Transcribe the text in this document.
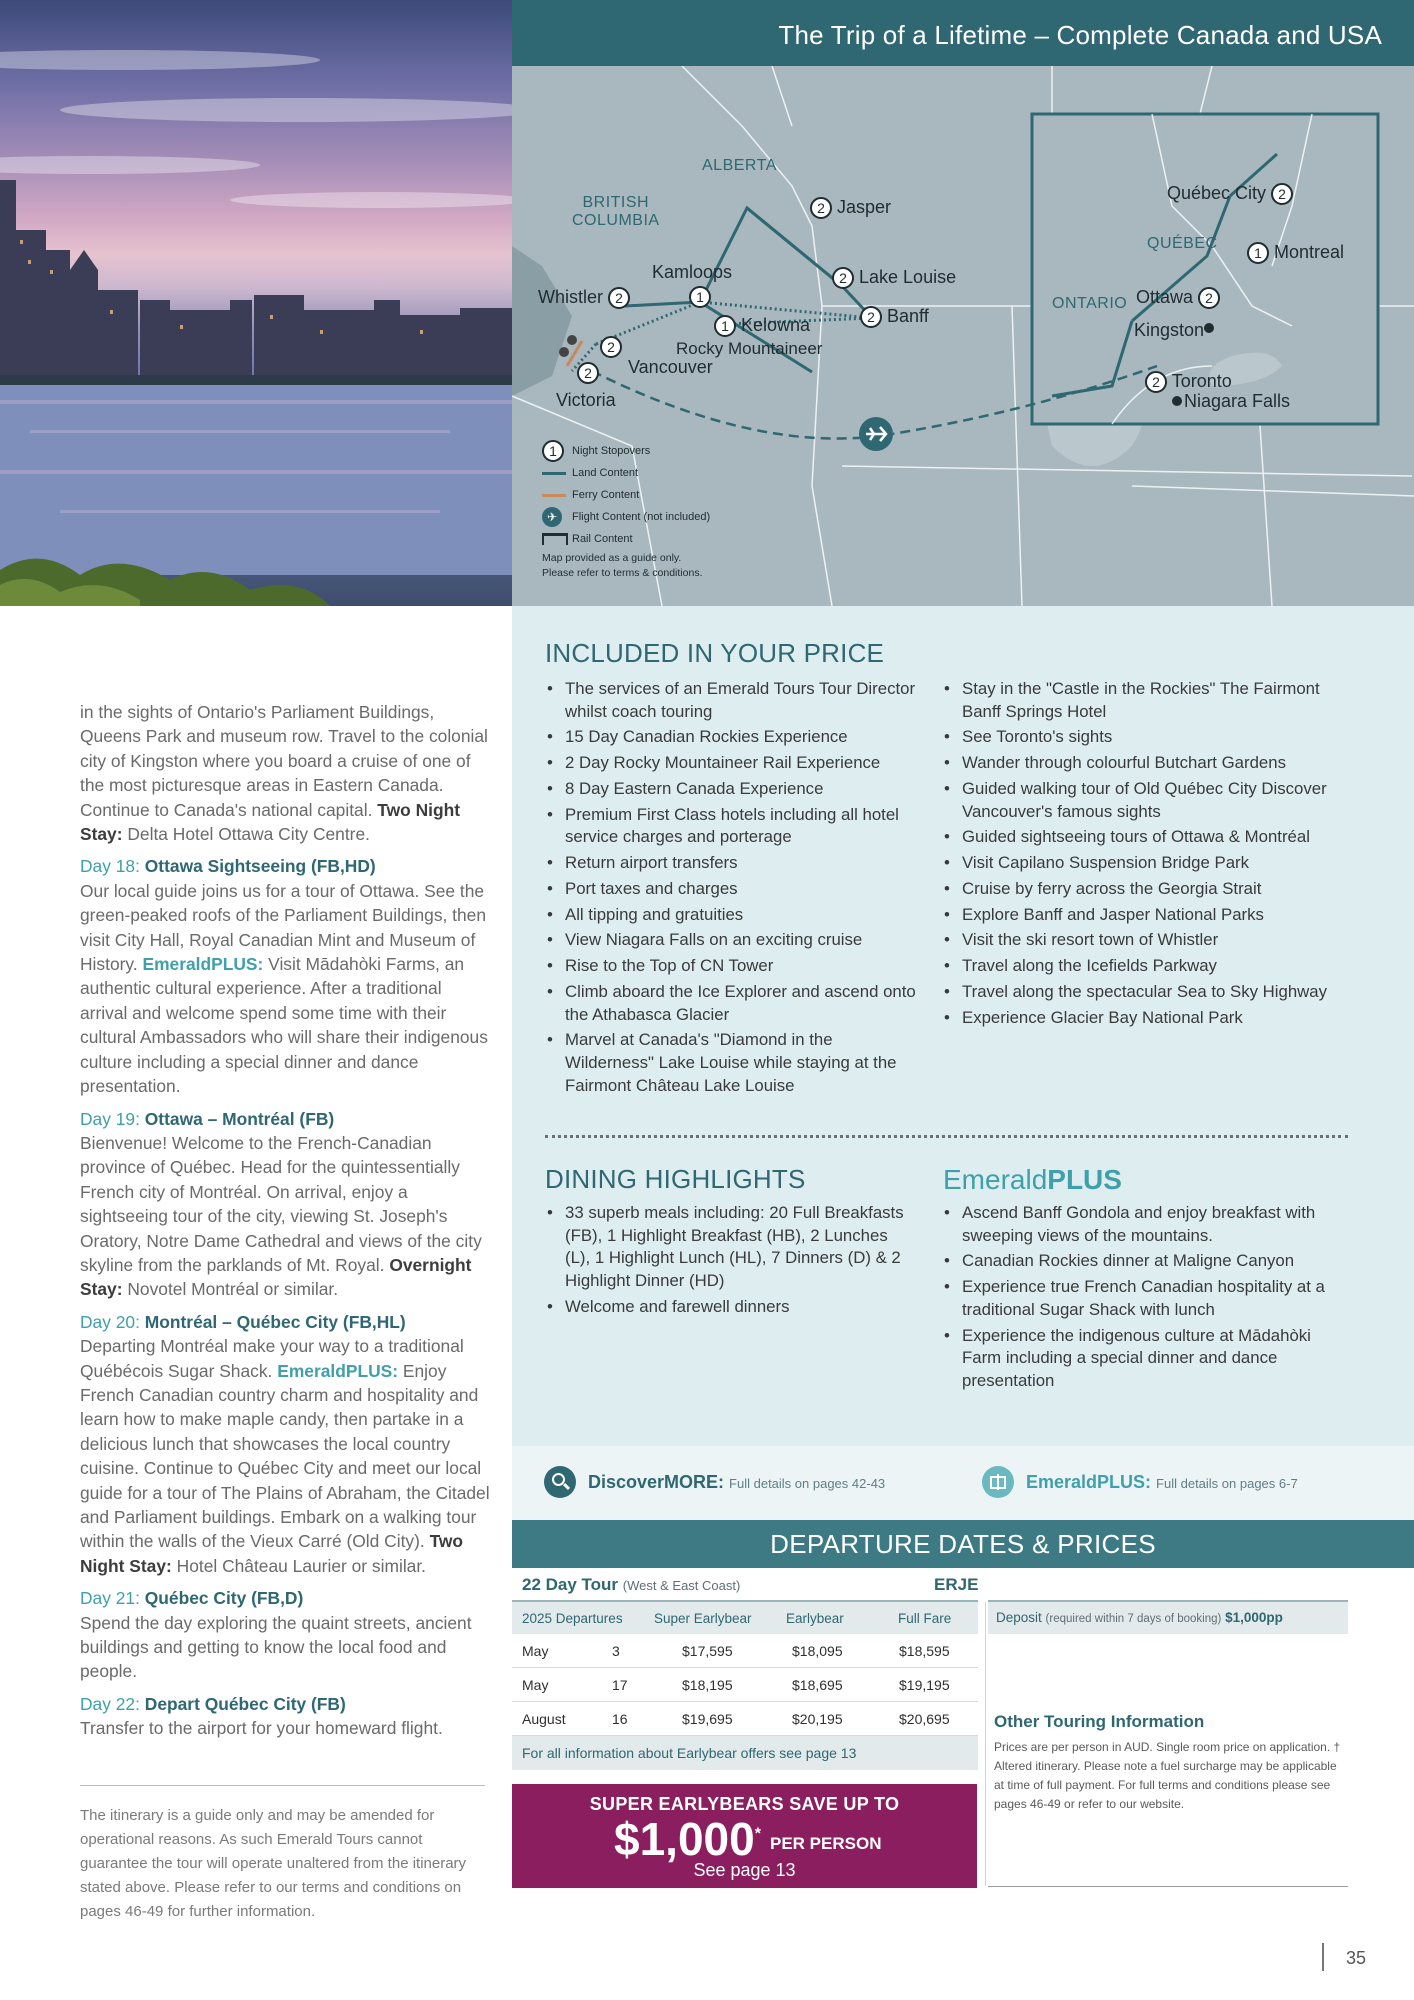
The Trip of a Lifetime – Complete Canada and USA
ALBERTA
BRITISH
COLUMBIA
QUÉBEC
ONTARIO
2 Jasper
2 Lake Louise
2 Banff
Kamloops
1
1 Kelowna
Whistler 2
2
Vancouver
2
Victoria
Rocky Mountaineer
Québec City 2
1 Montreal
Ottawa 2
Kingston
2 Toronto
Niagara Falls
1	Night Stopovers
Land Content
Ferry Content
✈	Flight Content (not included)
Rail Content
Map provided as a guide only.
Please refer to terms & conditions.

in the sights of Ontario's Parliament Buildings, Queens Park and museum row. Travel to the colonial city of Kingston where you board a cruise of one of the most picturesque areas in Eastern Canada. Continue to Canada's national capital. Two Night Stay: Delta Hotel Ottawa City Centre.

Day 18: Ottawa Sightseeing (FB,HD)
Our local guide joins us for a tour of Ottawa. See the green-peaked roofs of the Parliament Buildings, then visit City Hall, Royal Canadian Mint and Museum of History. EmeraldPLUS: Visit Mādahòki Farms, an authentic cultural experience. After a traditional arrival and welcome spend some time with their cultural Ambassadors who will share their indigenous culture including a special dinner and dance presentation.

Day 19: Ottawa – Montréal (FB)
Bienvenue! Welcome to the French-Canadian province of Québec. Head for the quintessentially French city of Montréal. On arrival, enjoy a sightseeing tour of the city, viewing St. Joseph's Oratory, Notre Dame Cathedral and views of the city skyline from the parklands of Mt. Royal. Overnight Stay: Novotel Montréal or similar.

Day 20: Montréal – Québec City (FB,HL)
Departing Montréal make your way to a traditional Québécois Sugar Shack. EmeraldPLUS: Enjoy French Canadian country charm and hospitality and learn how to make maple candy, then partake in a delicious lunch that showcases the local country cuisine. Continue to Québec City and meet our local guide for a tour of The Plains of Abraham, the Citadel and Parliament buildings. Embark on a walking tour within the walls of the Vieux Carré (Old City). Two Night Stay: Hotel Château Laurier or similar.

Day 21: Québec City (FB,D)
Spend the day exploring the quaint streets, ancient buildings and getting to know the local food and people.

Day 22: Depart Québec City (FB)
Transfer to the airport for your homeward flight.

The itinerary is a guide only and may be amended for operational reasons. As such Emerald Tours cannot guarantee the tour will operate unaltered from the itinerary stated above. Please refer to our terms and conditions on pages 46-49 for further information.
INCLUDED IN YOUR PRICE
• The services of an Emerald Tours Tour Director whilst coach touring
• 15 Day Canadian Rockies Experience
• 2 Day Rocky Mountaineer Rail Experience
• 8 Day Eastern Canada Experience
• Premium First Class hotels including all hotel service charges and porterage
• Return airport transfers
• Port taxes and charges
• All tipping and gratuities
• View Niagara Falls on an exciting cruise
• Rise to the Top of CN Tower
• Climb aboard the Ice Explorer and ascend onto the Athabasca Glacier
• Marvel at Canada's "Diamond in the Wilderness" Lake Louise while staying at the Fairmont Château Lake Louise
• Stay in the "Castle in the Rockies" The Fairmont Banff Springs Hotel
• See Toronto's sights
• Wander through colourful Butchart Gardens
• Guided walking tour of Old Québec City Discover Vancouver's famous sights
• Guided sightseeing tours of Ottawa & Montréal
• Visit Capilano Suspension Bridge Park
• Cruise by ferry across the Georgia Strait
• Explore Banff and Jasper National Parks
• Visit the ski resort town of Whistler
• Travel along the Icefields Parkway
• Travel along the spectacular Sea to Sky Highway
• Experience Glacier Bay National Park
DINING HIGHLIGHTS
• 33 superb meals including: 20 Full Breakfasts (FB), 1 Highlight Breakfast (HB), 2 Lunches (L), 1 Highlight Lunch (HL), 7 Dinners (D) & 2 Highlight Dinner (HD)
• Welcome and farewell dinners
EmeraldPLUS
• Ascend Banff Gondola and enjoy breakfast with sweeping views of the mountains.
• Canadian Rockies dinner at Maligne Canyon
• Experience true French Canadian hospitality at a traditional Sugar Shack with lunch
• Experience the indigenous culture at Mādahòki Farm including a special dinner and dance presentation
DiscoverMORE: Full details on pages 42-43	EmeraldPLUS: Full details on pages 6-7
DEPARTURE DATES & PRICES
22 Day Tour (West & East Coast)	ERJE
2025 Departures Super Earlybear	Earlybear	Full Fare
May	3	$17,595	$18,095	$18,595
May	17	$18,195	$18,695	$19,195
August	16	$19,695	$20,195	$20,695
For all information about Earlybear offers see page 13
Deposit (required within 7 days of booking) $1,000pp
Other Touring Information

Prices are per person in AUD. Single room price on application. † Altered itinerary. Please note a fuel surcharge may be applicable at time of full payment. For full terms and conditions please see pages 46-49 or refer to our website.

SUPER EARLYBEARS SAVE UP TO
$1,000* PER PERSON
See page 13
35
